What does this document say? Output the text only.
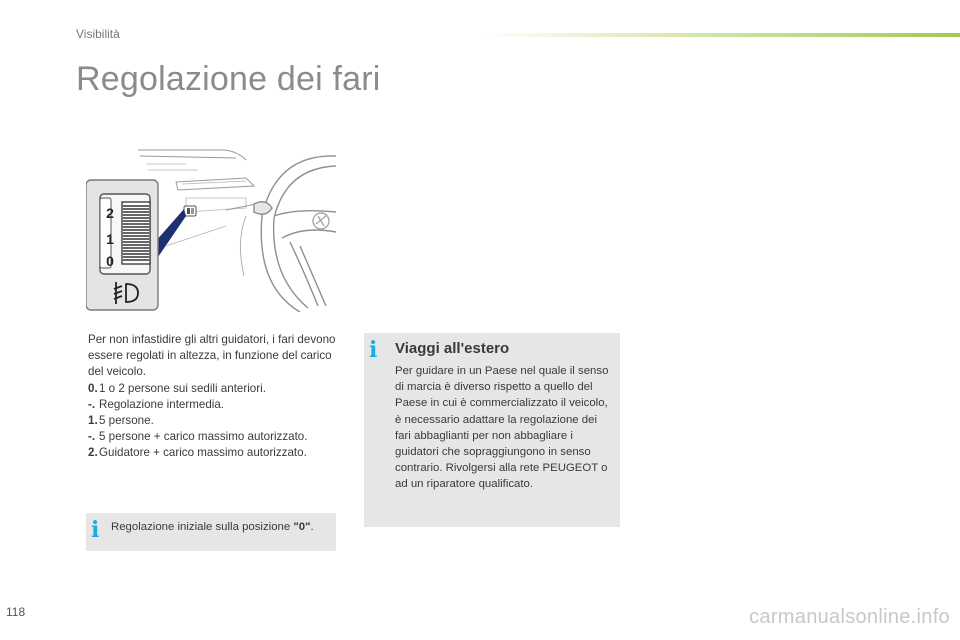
Visibilità
Regolazione dei fari
2
1
0

Per non infastidire gli altri guidatori, i fari devono essere regolati in altezza, in funzione del carico del veicolo.

0. 1 o 2 persone sui sedili anteriori.
-. Regolazione intermedia.
1. 5 persone.
-. 5 persone + carico massimo autorizzato.
2. Guidatore + carico massimo autorizzato.
i Regolazione iniziale sulla posizione "0".
i Viaggi all'estero
Per guidare in un Paese nel quale il senso di marcia è diverso rispetto a quello del Paese in cui è commercializzato il veicolo, è necessario adattare la regolazione dei fari abbaglianti per non abbagliare i guidatori che sopraggiungono in senso contrario. Rivolgersi alla rete PEUGEOT o ad un riparatore qualificato.
118	carmanualsonline.info
